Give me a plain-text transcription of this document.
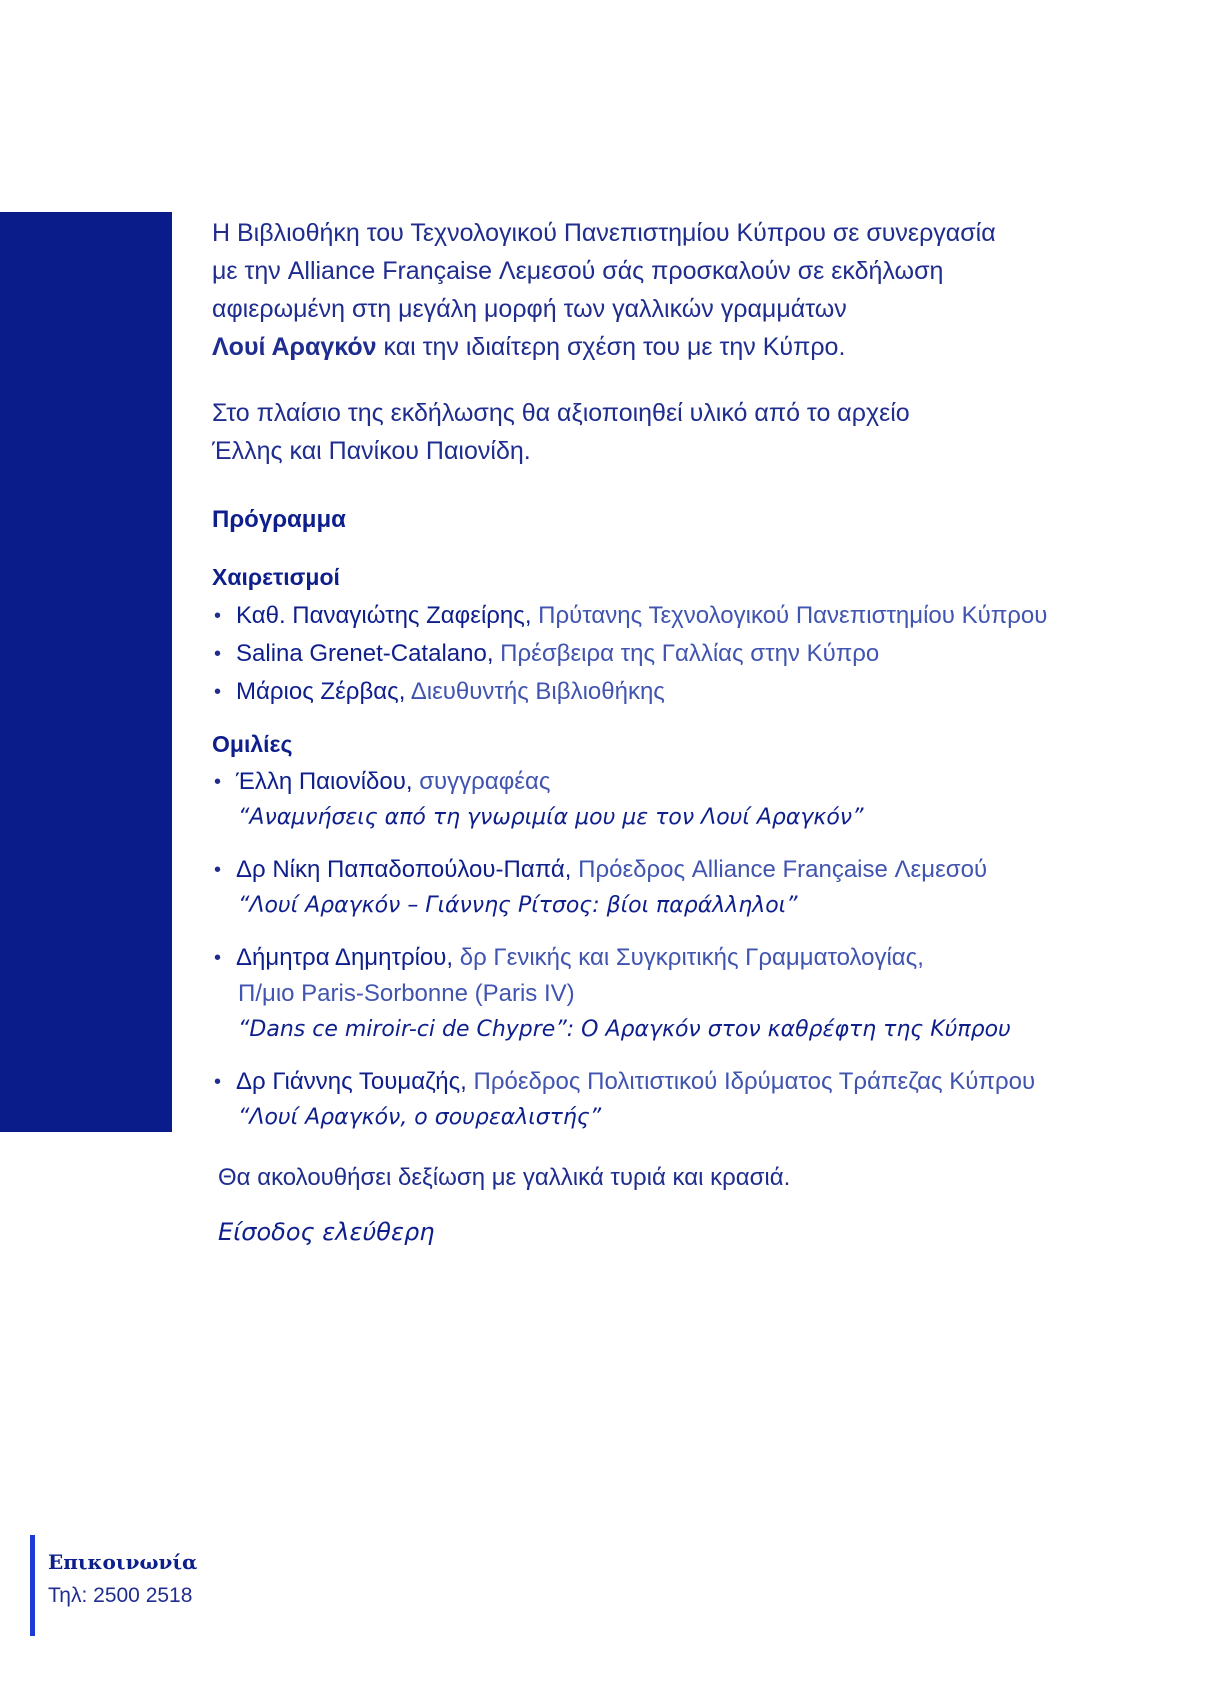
Η Βιβλιοθήκη του Τεχνολογικού Πανεπιστημίου Κύπρου σε συνεργασία

με την Alliance Française Λεμεσού σάς προσκαλούν σε εκδήλωση

αφιερωμένη στη μεγάλη μορφή των γαλλικών γραμμάτων

Λουί Αραγκόν και την ιδιαίτερη σχέση του με την Κύπρο.

Στο πλαίσιο της εκδήλωσης θα αξιοποιηθεί υλικό από το αρχείο

Έλλης και Πανίκου Παιονίδη.

Πρόγραμμα
Χαιρετισμοί
• Καθ. Παναγιώτης Ζαφείρης, Πρύτανης Τεχνολογικού Πανεπιστημίου Κύπρου
• Salina Grenet-Catalano, Πρέσβειρα της Γαλλίας στην Κύπρο
• Μάριος Ζέρβας, Διευθυντής Βιβλιοθήκης
Ομιλίες
• Έλλη Παιονίδου, συγγραφέας
“Αναμνήσεις από τη γνωριμία μου με τον Λουί Αραγκόν”
• Δρ Νίκη Παπαδοπούλου-Παπά, Πρόεδρος Alliance Française Λεμεσού
“Λουί Αραγκόν – Γιάννης Ρίτσος: βίοι παράλληλοι”
• Δήμητρα Δημητρίου, δρ Γενικής και Συγκριτικής Γραμματολογίας,
Π/μιο Paris-Sorbonne (Paris IV)
“Dans ce miroir-ci de Chypre”: Ο Αραγκόν στον καθρέφτη της Κύπρου
• Δρ Γιάννης Τουμαζής, Πρόεδρος Πολιτιστικού Ιδρύματος Τράπεζας Κύπρου
“Λουί Αραγκόν, ο σουρεαλιστής”
Θα ακολουθήσει δεξίωση με γαλλικά τυριά και κρασιά.
Είσοδος ελεύθερη
Επικοινωνία
Τηλ: 2500 2518
